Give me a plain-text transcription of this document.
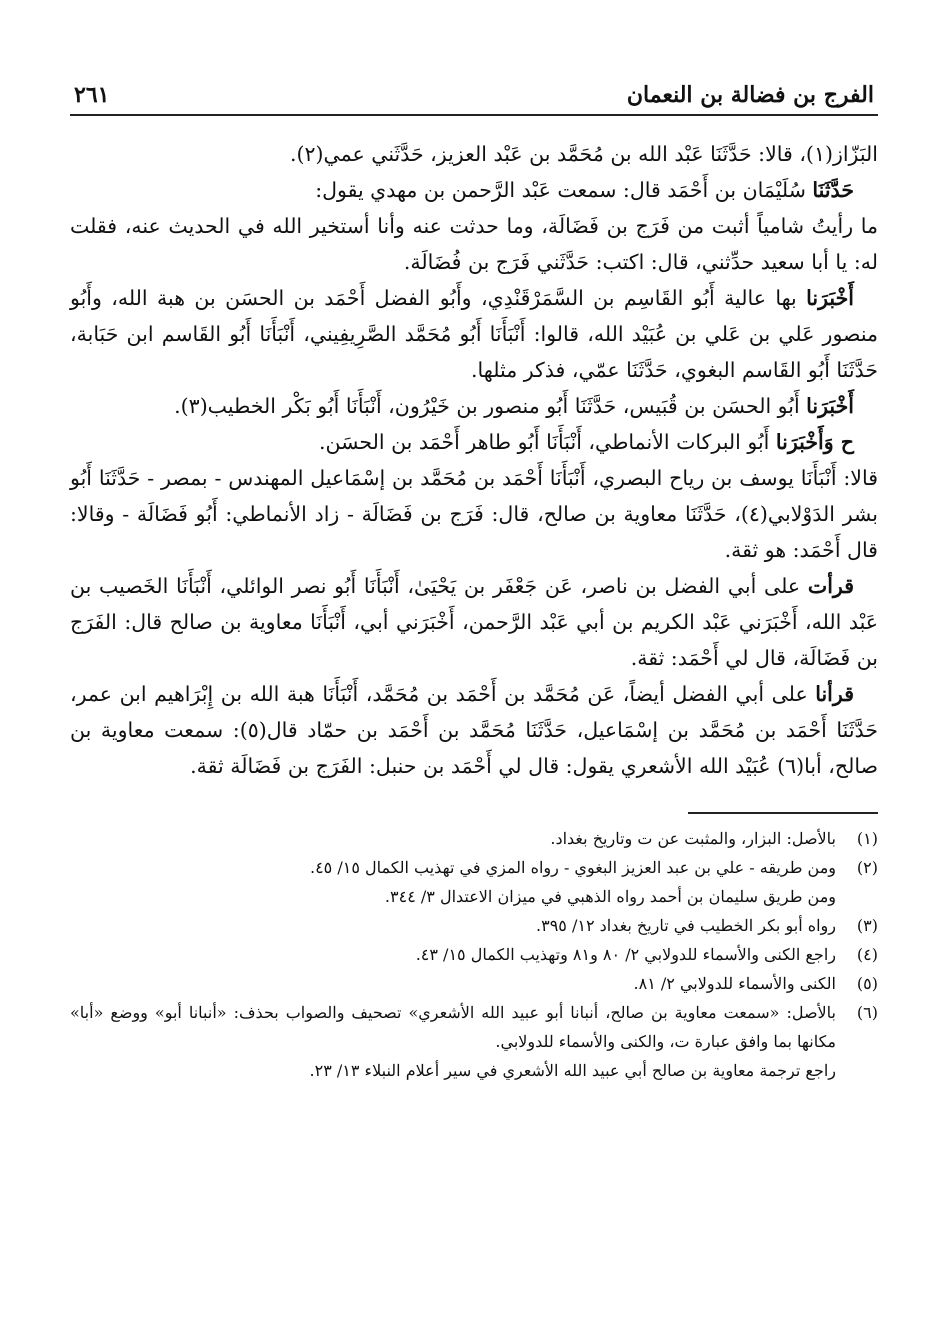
الفرج بن فضالة بن النعمان
٢٦١

البَزّاز(١)، قالا: حَدَّثَنَا عَبْد الله بن مُحَمَّد بن عَبْد العزيز، حَدَّثَني عمي(٢).

حَدَّثَنَا سُلَيْمَان بن أَحْمَد قال: سمعت عَبْد الرَّحمن بن مهدي يقول:

ما رأيتُ شامياً أثبت من فَرَج بن فَضَالَة، وما حدثت عنه وأنا أستخير الله في الحديث عنه، فقلت له: يا أبا سعيد حدِّثني، قال: اكتب: حَدَّثَني فَرَج بن فُضَالَة.

أَخْبَرَنا بها عالية أَبُو القَاسِم بن السَّمَرْقَنْدِي، وأَبُو الفضل أَحْمَد بن الحسَن بن هبة الله، وأَبُو منصور عَلي بن عَلي بن عُبَيْد الله، قالوا: أَنْبَأَنَا أَبُو مُحَمَّد الصَّرِيفِيني، أَنْبَأَنَا أَبُو القَاسم ابن حَبَابة، حَدَّثَنَا أَبُو القَاسم البغوي، حَدَّثَنَا عمّي، فذكر مثلها.

أَخْبَرَنا أَبُو الحسَن بن قُبَيس، حَدَّثَنَا أَبُو منصور بن خَيْرُون، أَنْبَأَنَا أَبُو بَكْر الخطيب(٣).

ح وَأَخْبَرَنا أَبُو البركات الأنماطي، أَنْبَأَنَا أَبُو طاهر أَحْمَد بن الحسَن.

قالا: أَنْبَأَنَا يوسف بن رياح البصري، أَنْبَأَنَا أَحْمَد بن مُحَمَّد بن إسْمَاعيل المهندس - بمصر - حَدَّثَنَا أَبُو بشر الدَوْلابي(٤)، حَدَّثَنَا معاوية بن صالح، قال: فَرَج بن فَضَالَة - زاد الأنماطي: أَبُو فَضَالَة - وقالا: قال أَحْمَد: هو ثقة.

قرأت على أبي الفضل بن ناصر، عَن جَعْفَر بن يَحْيَىٰ، أَنْبَأَنَا أَبُو نصر الوائلي، أَنْبَأَنَا الخَصيب بن عَبْد الله، أَخْبَرَني عَبْد الكريم بن أبي عَبْد الرَّحمن، أَخْبَرَني أبي، أَنْبَأَنَا معاوية بن صالح قال: الفَرَج بن فَضَالَة، قال لي أَحْمَد: ثقة.

قرأنا على أبي الفضل أيضاً، عَن مُحَمَّد بن أَحْمَد بن مُحَمَّد، أَنْبَأَنَا هبة الله بن إِبْرَاهيم ابن عمر، حَدَّثَنَا أَحْمَد بن مُحَمَّد بن إسْمَاعيل، حَدَّثَنَا مُحَمَّد بن أَحْمَد بن حمّاد قال(٥): سمعت معاوية بن صالح، أبا(٦) عُبَيْد الله الأشعري يقول: قال لي أَحْمَد بن حنبل: الفَرَج بن فَضَالَة ثقة.

(١)
بالأصل: البزار، والمثبت عن ت وتاريخ بغداد.
(٢)
ومن طريقه - علي بن عبد العزيز البغوي - رواه المزي في تهذيب الكمال ١٥/ ٤٥.
ومن طريق سليمان بن أحمد رواه الذهبي في ميزان الاعتدال ٣/ ٣٤٤.
(٣)
رواه أبو بكر الخطيب في تاريخ بغداد ١٢/ ٣٩٥.
(٤)
راجع الكنى والأسماء للدولابي ٢/ ٨٠ و٨١ وتهذيب الكمال ١٥/ ٤٣.
(٥)
الكنى والأسماء للدولابي ٢/ ٨١.
(٦)
بالأصل: «سمعت معاوية بن صالح، أنبانا أبو عبيد الله الأشعري» تصحيف والصواب بحذف: «أنبانا أبو» ووضع «أبا» مكانها بما وافق عبارة ت، والكنى والأسماء للدولابي.
راجع ترجمة معاوية بن صالح أبي عبيد الله الأشعري في سير أعلام النبلاء ١٣/ ٢٣.
